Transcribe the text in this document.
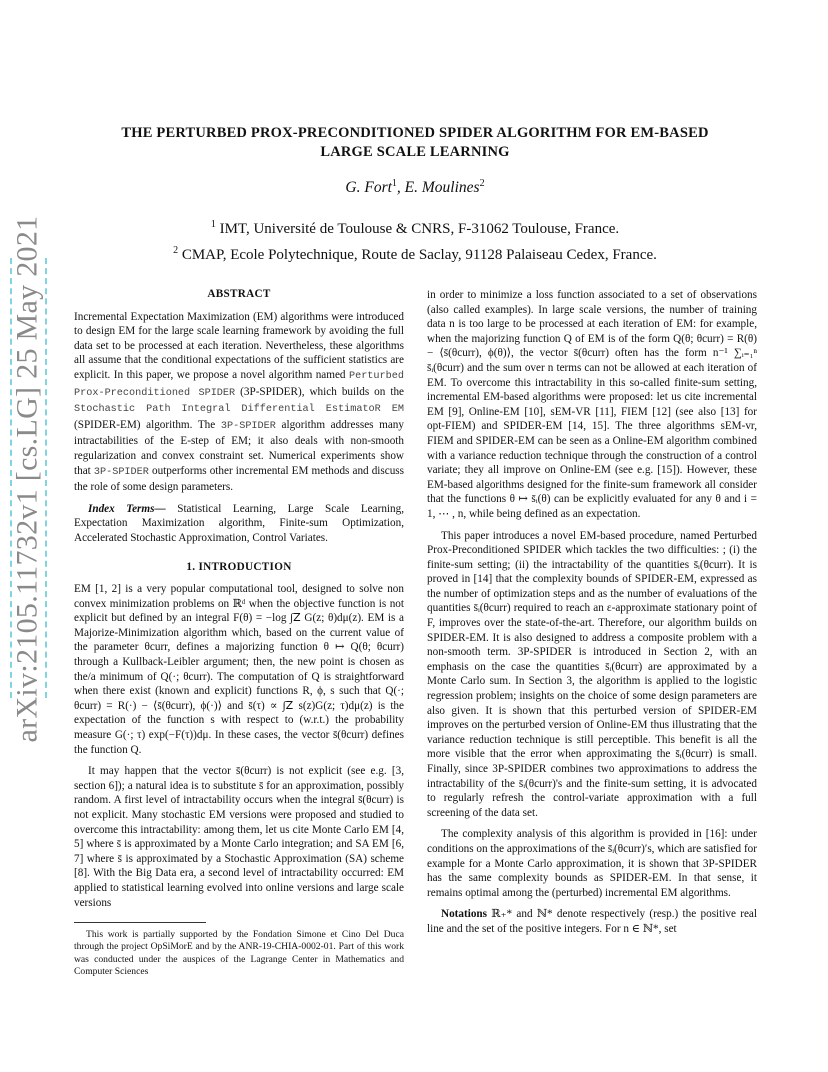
arXiv:2105.11732v1 [cs.LG] 25 May 2021
THE PERTURBED PROX-PRECONDITIONED SPIDER ALGORITHM FOR EM-BASED
LARGE SCALE LEARNING
G. Fort$^1$, E. Moulines$^2$
$^1$ IMT, Université de Toulouse & CNRS, F-31062 Toulouse, France.
$^2$ CMAP, Ecole Polytechnique, Route de Saclay, 91128 Palaiseau Cedex, France.
ABSTRACT

Incremental Expectation Maximization (EM) algorithms were introduced to design EM for the large scale learning framework by avoiding the full data set to be processed at each iteration. Nevertheless, these algorithms all assume that the conditional expectations of the sufficient statistics are explicit. In this paper, we propose a novel algorithm named Perturbed Prox-Preconditioned SPIDER (3P-SPIDER), which builds on the Stochastic Path Integral Differential EstimatoR EM (SPIDER-EM) algorithm. The 3P-SPIDER algorithm addresses many intractabilities of the E-step of EM; it also deals with non-smooth regularization and convex constraint set. Numerical experiments show that 3P-SPIDER outperforms other incremental EM methods and discuss the role of some design parameters.

Index Terms— Statistical Learning, Large Scale Learning, Expectation Maximization algorithm, Finite-sum Optimization, Accelerated Stochastic Approximation, Control Variates.

1. INTRODUCTION

EM [1, 2] is a very popular computational tool, designed to solve non convex minimization problems on ℝᵈ when the objective function is not explicit but defined by an integral F(θ) = −log ∫𝖹 G(z; θ)dμ(z). EM is a Majorize-Minimization algorithm which, based on the current value of the parameter θcurr, defines a majorizing function θ ↦ Q(θ; θcurr) through a Kullback-Leibler argument; then, the new point is chosen as the/a minimum of Q(·; θcurr). The computation of Q is straightforward when there exist (known and explicit) functions R, ϕ, s such that Q(·; θcurr) = R(·) − ⟨s̄(θcurr), ϕ(·)⟩ and s̄(τ) ∝ ∫𝖹 s(z)G(z; τ)dμ(z) is the expectation of the function s with respect to (w.r.t.) the probability measure G(·; τ) exp(−F(τ))dμ. In these cases, the vector s̄(θcurr) defines the function Q.

It may happen that the vector s̄(θcurr) is not explicit (see e.g. [3, section 6]); a natural idea is to substitute s̄ for an approximation, possibly random. A first level of intractability occurs when the integral s̄(θcurr) is not explicit. Many stochastic EM versions were proposed and studied to overcome this intractability: among them, let us cite Monte Carlo EM [4, 5] where s̄ is approximated by a Monte Carlo integration; and SA EM [6, 7] where s̄ is approximated by a Stochastic Approximation (SA) scheme [8]. With the Big Data era, a second level of intractability occurred: EM applied to statistical learning evolved into online versions and large scale versions

This work is partially supported by the Fondation Simone et Cino Del Duca through the project OpSiMorE and by the ANR-19-CHIA-0002-01. Part of this work was conducted under the auspices of the Lagrange Center in Mathematics and Computer Sciences

in order to minimize a loss function associated to a set of observations (also called examples). In large scale versions, the number of training data n is too large to be processed at each iteration of EM: for example, when the majorizing function Q of EM is of the form Q(θ; θcurr) = R(θ) − ⟨s̄(θcurr), ϕ(θ)⟩, the vector s̄(θcurr) often has the form n⁻¹ ∑ᵢ₌₁ⁿ s̄ᵢ(θcurr) and the sum over n terms can not be allowed at each iteration of EM. To overcome this intractability in this so-called finite-sum setting, incremental EM-based algorithms were proposed: let us cite incremental EM [9], Online-EM [10], sEM-VR [11], FIEM [12] (see also [13] for opt-FIEM) and SPIDER-EM [14, 15]. The three algorithms sEM-vr, FIEM and SPIDER-EM can be seen as a Online-EM algorithm combined with a variance reduction technique through the construction of a control variate; they all improve on Online-EM (see e.g. [15]). However, these EM-based algorithms designed for the finite-sum framework all consider that the functions θ ↦ s̄ᵢ(θ) can be explicitly evaluated for any θ and i = 1, ⋯ , n, while being defined as an expectation.

This paper introduces a novel EM-based procedure, named Perturbed Prox-Preconditioned SPIDER which tackles the two difficulties: ; (i) the finite-sum setting; (ii) the intractability of the quantities s̄ᵢ(θcurr). It is proved in [14] that the complexity bounds of SPIDER-EM, expressed as the number of optimization steps and as the number of evaluations of the quantities s̄ᵢ(θcurr) required to reach an ε-approximate stationary point of F, improves over the state-of-the-art. Therefore, our algorithm builds on SPIDER-EM. It is also designed to address a composite problem with a non-smooth term. 3P-SPIDER is introduced in Section 2, with an emphasis on the case the quantities s̄ᵢ(θcurr) are approximated by a Monte Carlo sum. In Section 3, the algorithm is applied to the logistic regression problem; insights on the choice of some design parameters are also given. It is shown that this perturbed version of SPIDER-EM improves on the perturbed version of Online-EM thus illustrating that the variance reduction technique is still perceptible. This benefit is all the more visible that the error when approximating the s̄ᵢ(θcurr) is small. Finally, since 3P-SPIDER combines two approximations to address the intractability of the s̄ᵢ(θcurr)'s and the finite-sum setting, it is advocated to regularly refresh the control-variate approximation with a full screening of the data set.

The complexity analysis of this algorithm is provided in [16]: under conditions on the approximations of the s̄ᵢ(θcurr)′s, which are satisfied for example for a Monte Carlo approximation, it is shown that 3P-SPIDER has the same complexity bounds as SPIDER-EM. In that sense, it remains optimal among the (perturbed) incremental EM algorithms.

Notations ℝ₊* and ℕ* denote respectively (resp.) the positive real line and the set of the positive integers. For n ∈ ℕ*, set
